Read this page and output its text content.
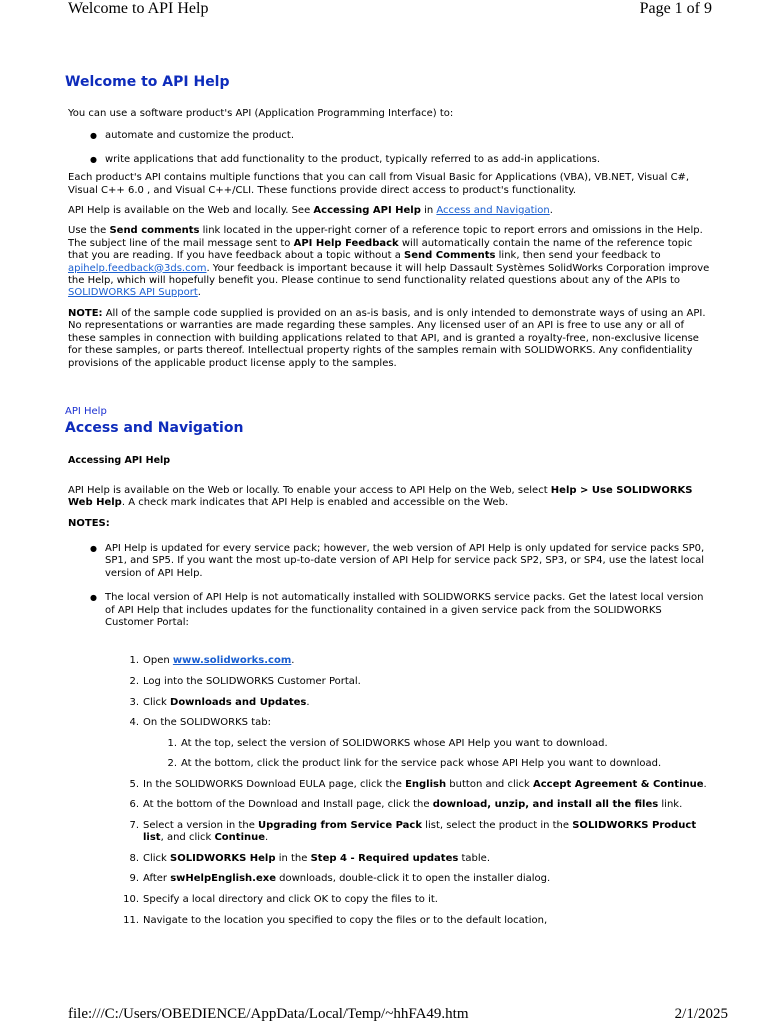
Welcome to API Help	Page 1 of 9
Welcome to API Help

You can use a software product's API (Application Programming Interface) to:

● automate and customize the product.
● write applications that add functionality to the product, typically referred to as add-in applications.

Each product's API contains multiple functions that you can call from Visual Basic for Applications (VBA), VB.NET, Visual C#, Visual C++ 6.0 , and Visual C++/CLI. These functions provide direct access to product's functionality.

API Help is available on the Web and locally. See Accessing API Help in Access and Navigation.

Use the Send comments link located in the upper-right corner of a reference topic to report errors and omissions in the Help. The subject line of the mail message sent to API Help Feedback will automatically contain the name of the reference topic that you are reading. If you have feedback about a topic without a Send Comments link, then send your feedback to apihelp.feedback@3ds.com. Your feedback is important because it will help Dassault Systèmes SolidWorks Corporation improve the Help, which will hopefully benefit you. Please continue to send functionality related questions about any of the APIs to SOLIDWORKS API Support.

NOTE: All of the sample code supplied is provided on an as-is basis, and is only intended to demonstrate ways of using an API. No representations or warranties are made regarding these samples. Any licensed user of an API is free to use any or all of these samples in connection with building applications related to that API, and is granted a royalty-free, non-exclusive license for these samples, or parts thereof. Intellectual property rights of the samples remain with SOLIDWORKS. Any confidentiality provisions of the applicable product license apply to the samples.

API Help
Access and Navigation

Accessing API Help

API Help is available on the Web or locally. To enable your access to API Help on the Web, select Help > Use SOLIDWORKS Web Help. A check mark indicates that API Help is enabled and accessible on the Web.

NOTES:

● API Help is updated for every service pack; however, the web version of API Help is only updated for service packs SP0, SP1, and SP5. If you want the most up-to-date version of API Help for service pack SP2, SP3, or SP4, use the latest local version of API Help.
● The local version of API Help is not automatically installed with SOLIDWORKS service packs. Get the latest local version of API Help that includes updates for the functionality contained in a given service pack from the SOLIDWORKS Customer Portal:
1. Open www.solidworks.com.
2. Log into the SOLIDWORKS Customer Portal.
3. Click Downloads and Updates.
4. On the SOLIDWORKS tab:
1. At the top, select the version of SOLIDWORKS whose API Help you want to download.
2. At the bottom, click the product link for the service pack whose API Help you want to download.
5. In the SOLIDWORKS Download EULA page, click the English button and click Accept Agreement & Continue.
6. At the bottom of the Download and Install page, click the download, unzip, and install all the files link.
7. Select a version in the Upgrading from Service Pack list, select the product in the SOLIDWORKS Product list, and click Continue.
8. Click SOLIDWORKS Help in the Step 4 - Required updates table.
9. After swHelpEnglish.exe downloads, double-click it to open the installer dialog.
10. Specify a local directory and click OK to copy the files to it.
11. Navigate to the location you specified to copy the files or to the default location,
file:///C:/Users/OBEDIENCE/AppData/Local/Temp/~hhFA49.htm	2/1/2025
